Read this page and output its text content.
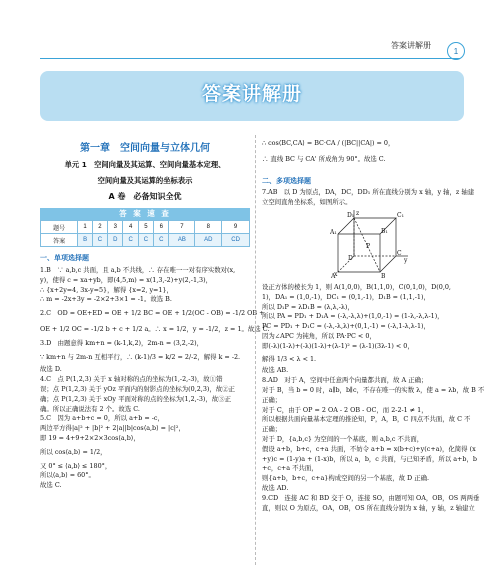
答案讲解册
1
答案讲解册
第一章　空间向量与立体几何
单元 1　空间向量及其运算、空间向量基本定理、
空间向量及其运算的坐标表示
A 卷　必备知识全优
答 案 速 查
题号	1	2	3	4	5	6	7	8	9
答案	B	C	D	C	C	C	AB	AD	CD
一、单项选择题
1.B　∵ a,b,c 共面，且 a,b 不共线，∴ 存在唯一一对有序实数对(x,
y)，使得 c = xa+yb，即(4,5,m) = x(1,3,-2)+y(2,-1,3)，
∴ {x+2y=4, 3x-y=5}，解得 {x=2, y=1}，
∴ m = -2x+3y = -2×2+3×1 = -1。故选 B.
2.C　OD = OE+ED = OE + 1/2 BC = OE + 1/2(OC - OB) = -1/2 OB +
OE + 1/2 OC = -1/2 b + c + 1/2 a。∴ x = 1/2，y = -1/2，z = 1。故选 C.
3.D　由题意得 km+n = (k-1,k,2)，2m-n = (3,2,-2)，
∵ km+n 与 2m-n 互相平行，∴ (k-1)/3 = k/2 = 2/-2，解得 k = -2.
故选 D.
4.C　点 P(1,2,3) 关于 x 轴对称的点的坐标为(1,-2,-3)，故①错
误；点 P(1,2,3) 关于 yOz 平面内的射影点的坐标为(0,2,3)，故②正
确；点 P(1,2,3) 关于 xOy 平面对称的点的坐标为(1,2,-3)，故③正
确。所以正确说法有 2 个。故选 C.
5.C　因为 a+b+c = 0，所以 a+b = -c，
两边平方得|a|² + |b|² + 2|a||b|cos⟨a,b⟩ = |c|²，
即 19 = 4+9+2×2×3cos⟨a,b⟩，
所以 cos⟨a,b⟩ = 1/2，
又 0° ≤ ⟨a,b⟩ ≤ 180°，
所以⟨a,b⟩ = 60°。
故选 C.
∴ cos⟨BC,CA⟩ = BC·CA / (|BC||CA|) = 0，
∴ 直线 BC 与 CA' 所成角为 90°。故选 C.
二、多项选择题
7.AB　以 D 为原点，DA，DC，DD₁ 所在直线分别为 x 轴，y 轴，z 轴建
立空间直角坐标系，如图所示。
D₁	C₁
A₁	B₁
P
D
C
A	B
x
y
z
设正方体的棱长为 1，则 A(1,0,0)，B(1,1,0)，C(0,1,0)，D(0,0,
1)，DA₁ = (1,0,-1)，DC₁ = (0,1,-1)，D₁B = (1,1,-1)，
所以 D₁P = λD₁B = (λ,λ,-λ)，
所以 PA = PD₁ + D₁A = (-λ,-λ,λ)+(1,0,-1) = (1-λ,-λ,λ-1)，
PC = PD₁ + D₁C = (-λ,-λ,λ)+(0,1,-1) = (-λ,1-λ,λ-1)，
因为∠APC 为钝角，所以 PA·PC < 0，
即(-λ)(1-λ)+(-λ)(1-λ)+(λ-1)² = (λ-1)(3λ-1) < 0，
解得 1/3 < λ < 1.
故选 AB.
8.AD　对于 A，空间中任意两个向量都共面，故 A 正确；
对于 B，当 b = 0 时，a∥b，b∥c，不存在唯一的实数 λ，使 a = λb，故 B 不
正确；
对于 C，由于 OP = 2 OA - 2 OB - OC，而 2-2-1 ≠ 1，
所以根据共面向量基本定理的推论知，P，A，B，C 四点不共面，故 C 不
正确；
对于 D，{a,b,c} 为空间的一个基底，则 a,b,c 不共面，
假设 a+b，b+c，c+a 共面，不妨令 a+b = x(b+c)+y(c+a)，化简得 (x
+y)c = (1-y)a + (1-x)b，所以 a，b，c 共面，与已知矛盾，所以 a+b，b
+c，c+a 不共面，
则{a+b，b+c，c+a}构成空间的另一个基底，故 D 正确.
故选 AD.
9.CD　连接 AC 和 BD 交于 O，连接 SO，由题可知 OA，OB，OS 两两垂
直，则以 O 为原点，OA，OB，OS 所在直线分别为 x 轴，y 轴，z 轴建立
